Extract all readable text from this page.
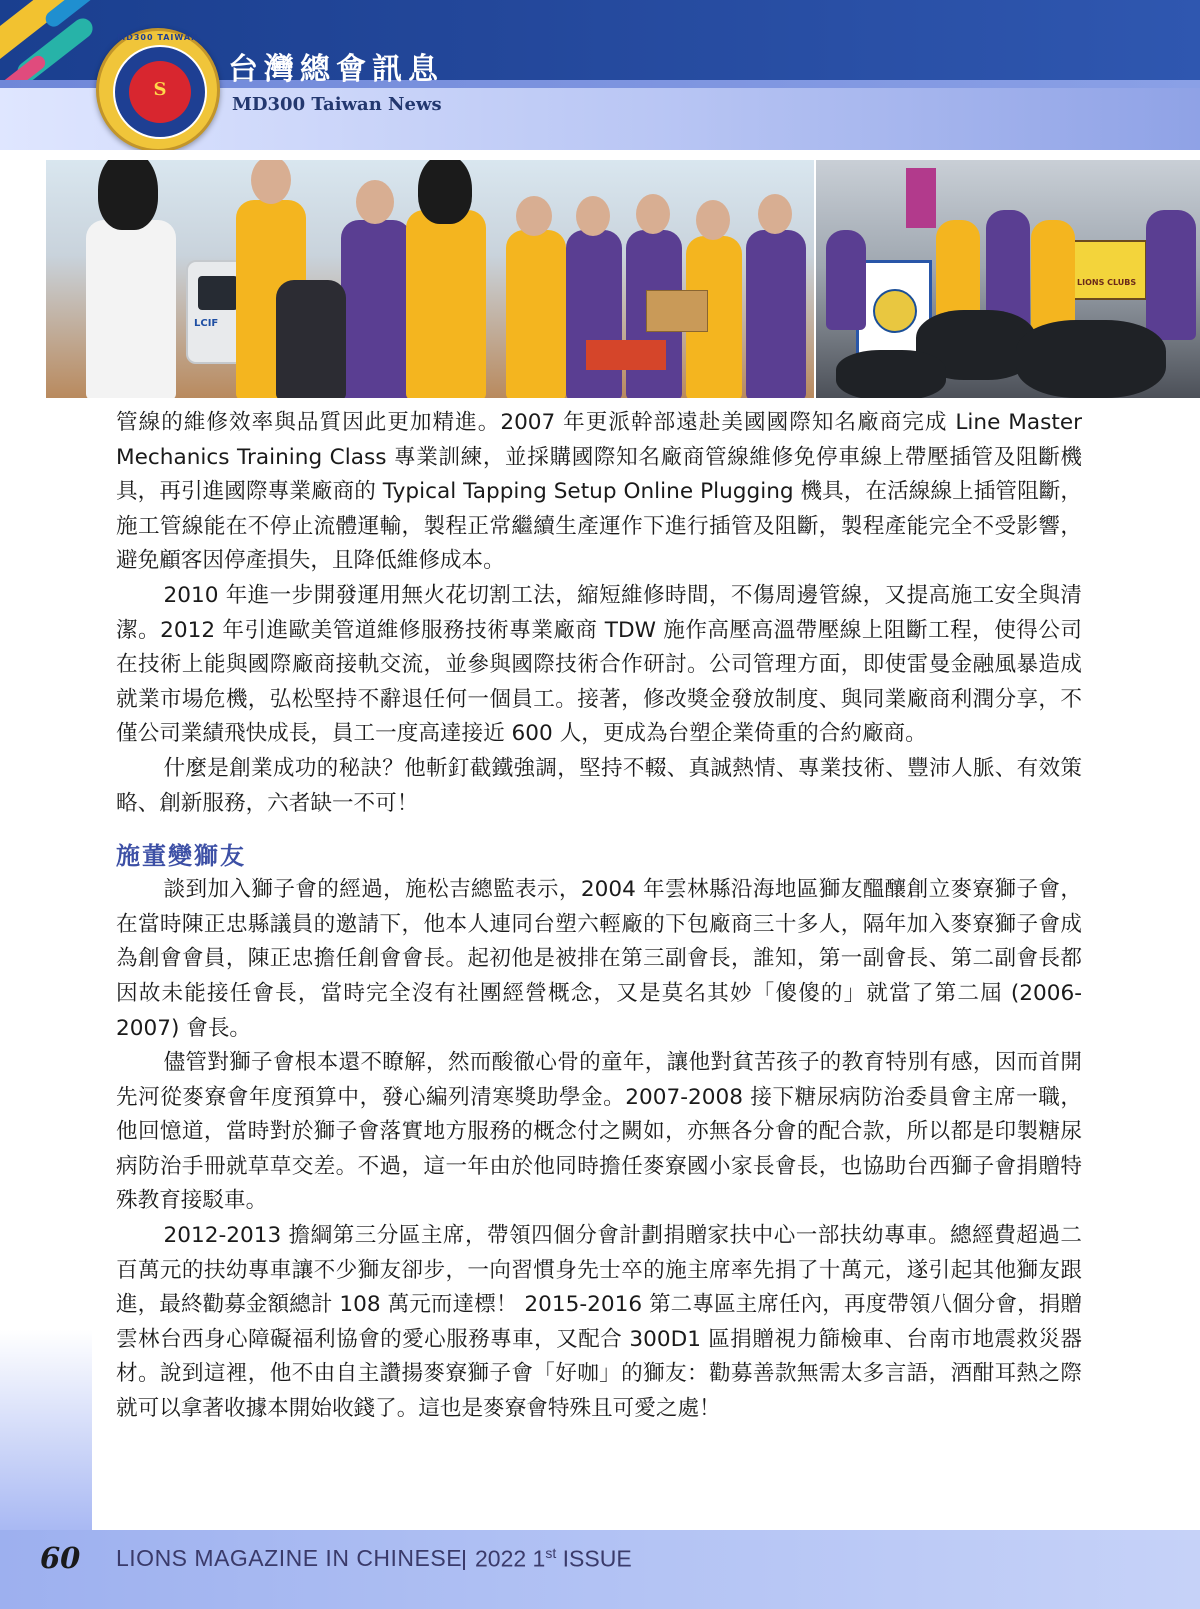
MD300 TAIWAN
S
台灣總會訊息
MD300 Taiwan News
LCIF
LIONS CLUBS

管線的維修效率與品質因此更加精進。2007 年更派幹部遠赴美國國際知名廠商完成 Line Master Mechanics Training Class 專業訓練，並採購國際知名廠商管線維修免停車線上帶壓插管及阻斷機具，再引進國際專業廠商的 Typical Tapping Setup Online Plugging 機具，在活線線上插管阻斷，施工管線能在不停止流體運輸，製程正常繼續生產運作下進行插管及阻斷，製程產能完全不受影響，避免顧客因停產損失，且降低維修成本。

2010 年進一步開發運用無火花切割工法，縮短維修時間，不傷周邊管線，又提高施工安全與清潔。2012 年引進歐美管道維修服務技術專業廠商 TDW 施作高壓高溫帶壓線上阻斷工程，使得公司在技術上能與國際廠商接軌交流，並參與國際技術合作研討。公司管理方面，即使雷曼金融風暴造成就業市場危機，弘松堅持不辭退任何一個員工。接著，修改獎金發放制度、與同業廠商利潤分享，不僅公司業績飛快成長，員工一度高達接近 600 人，更成為台塑企業倚重的合約廠商。

什麼是創業成功的秘訣？他斬釘截鐵強調，堅持不輟、真誠熱情、專業技術、豐沛人脈、有效策略、創新服務，六者缺一不可！

施董變獅友

談到加入獅子會的經過，施松吉總監表示，2004 年雲林縣沿海地區獅友醞釀創立麥寮獅子會，在當時陳正忠縣議員的邀請下，他本人連同台塑六輕廠的下包廠商三十多人，隔年加入麥寮獅子會成為創會會員，陳正忠擔任創會會長。起初他是被排在第三副會長，誰知，第一副會長、第二副會長都因故未能接任會長，當時完全沒有社團經營概念，又是莫名其妙「傻傻的」就當了第二屆 (2006-2007) 會長。

儘管對獅子會根本還不瞭解，然而酸徹心骨的童年，讓他對貧苦孩子的教育特別有感，因而首開先河從麥寮會年度預算中，發心編列清寒獎助學金。2007-2008 接下糖尿病防治委員會主席一職，他回憶道，當時對於獅子會落實地方服務的概念付之闕如，亦無各分會的配合款，所以都是印製糖尿病防治手冊就草草交差。不過，這一年由於他同時擔任麥寮國小家長會長，也協助台西獅子會捐贈特殊教育接駁車。

2012-2013 擔綱第三分區主席，帶領四個分會計劃捐贈家扶中心一部扶幼專車。總經費超過二百萬元的扶幼專車讓不少獅友卻步，一向習慣身先士卒的施主席率先捐了十萬元，遂引起其他獅友跟進，最終勸募金額總計 108 萬元而達標！ 2015-2016 第二專區主席任內，再度帶領八個分會，捐贈雲林台西身心障礙福利協會的愛心服務專車，又配合 300D1 區捐贈視力篩檢車、台南市地震救災器材。說到這裡，他不由自主讚揚麥寮獅子會「好咖」的獅友：勸募善款無需太多言語，酒酣耳熱之際就可以拿著收據本開始收錢了。這也是麥寮會特殊且可愛之處！

60 LIONS MAGAZINE IN CHINESE 2022 1st ISSUE
